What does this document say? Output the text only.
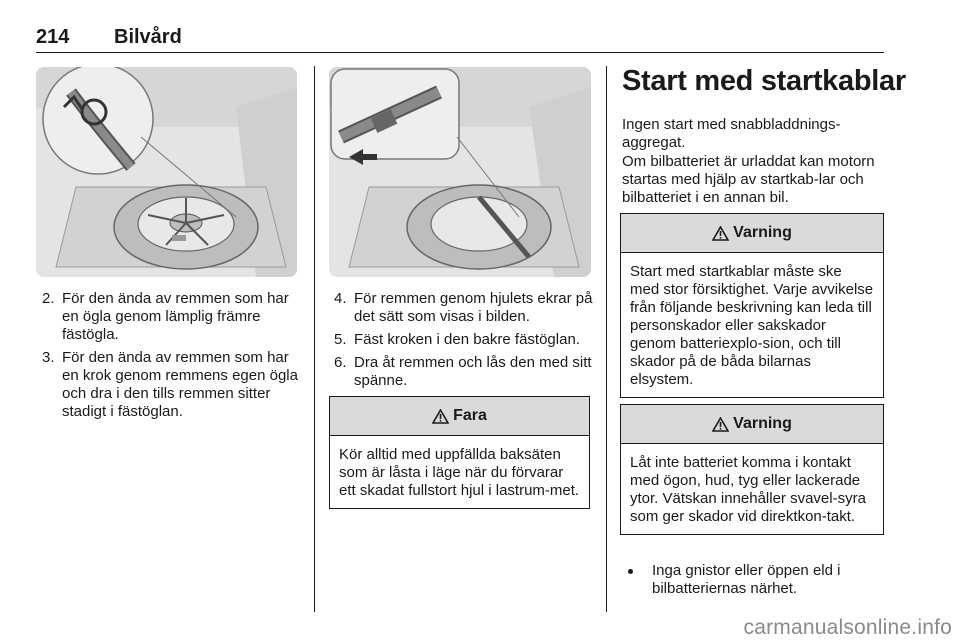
214 Bilvård
2. För den ända av remmen som har en ögla genom lämplig främre fästögla.
3. För den ända av remmen som har en krok genom remmens egen ögla och dra i den tills remmen sitter stadigt i fästöglan.
4. För remmen genom hjulets ekrar på det sätt som visas i bilden.
5. Fäst kroken i den bakre fästöglan.
6. Dra åt remmen och lås den med sitt spänne.
Fara
Kör alltid med uppfällda baksäten som är låsta i läge när du förvarar ett skadat fullstort hjul i lastrum-met.
Start med startkablar

Ingen start med snabbladdnings-aggregat.

Om bilbatteriet är urladdat kan motorn startas med hjälp av startkab-lar och bilbatteriet i en annan bil.

Varning
Start med startkablar måste ske med stor försiktighet. Varje avvikelse från följande beskrivning kan leda till personskador eller sakskador genom batteriexplo-sion, och till skador på de båda bilarnas elsystem.
Varning
Låt inte batteriet komma i kontakt med ögon, hud, tyg eller lackerade ytor. Vätskan innehåller svavel-syra som ger skador vid direktkon-takt.
Inga gnistor eller öppen eld i bilbatteriernas närhet.
carmanualsonline.info
